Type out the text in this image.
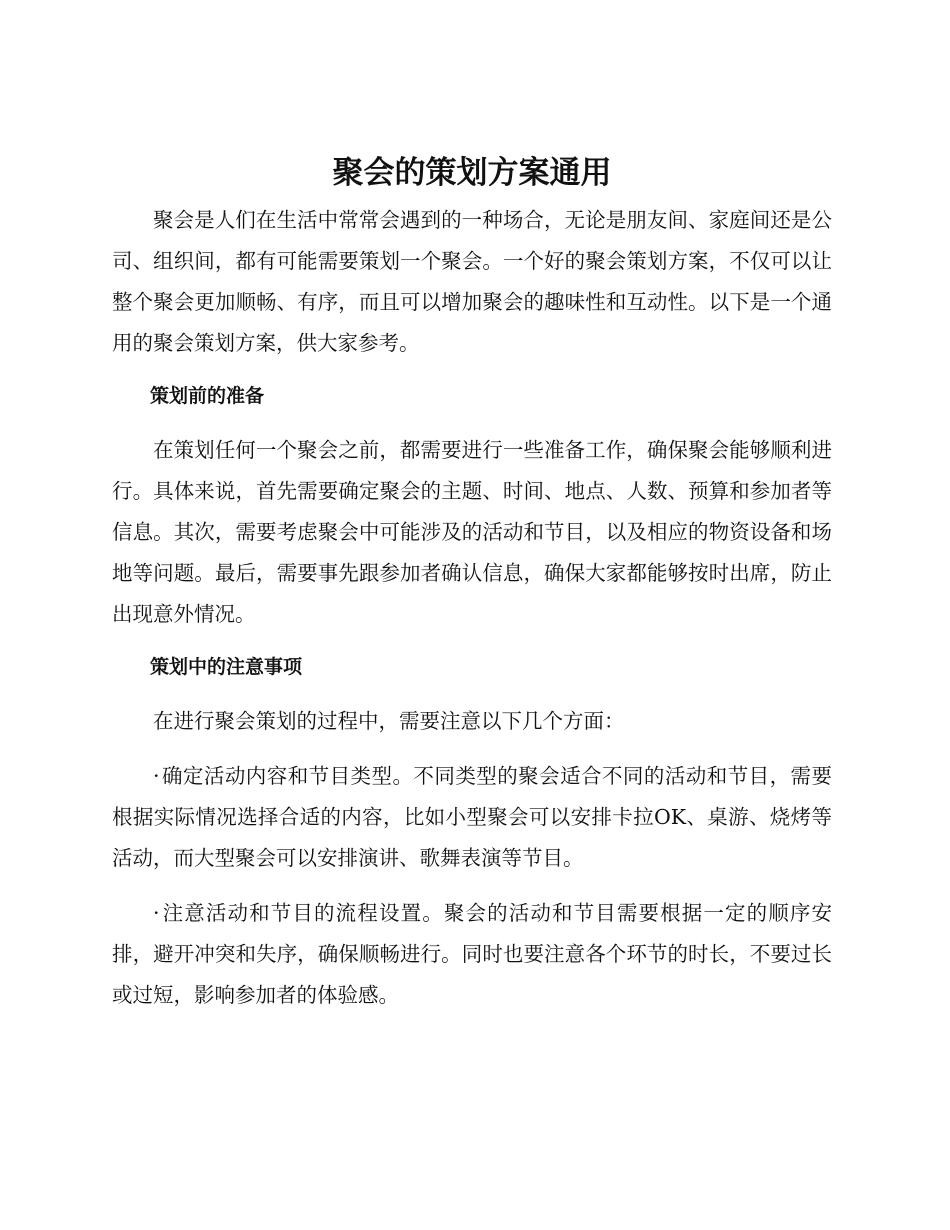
聚会的策划方案通用

聚会是人们在生活中常常会遇到的一种场合，无论是朋友间、家庭间还是公司、组织间，都有可能需要策划一个聚会。一个好的聚会策划方案，不仅可以让整个聚会更加顺畅、有序，而且可以增加聚会的趣味性和互动性。以下是一个通用的聚会策划方案，供大家参考。

策划前的准备

在策划任何一个聚会之前，都需要进行一些准备工作，确保聚会能够顺利进行。具体来说，首先需要确定聚会的主题、时间、地点、人数、预算和参加者等信息。其次，需要考虑聚会中可能涉及的活动和节目，以及相应的物资设备和场地等问题。最后，需要事先跟参加者确认信息，确保大家都能够按时出席，防止出现意外情况。

策划中的注意事项

在进行聚会策划的过程中，需要注意以下几个方面：

·确定活动内容和节目类型。不同类型的聚会适合不同的活动和节目，需要根据实际情况选择合适的内容，比如小型聚会可以安排卡拉OK、桌游、烧烤等活动，而大型聚会可以安排演讲、歌舞表演等节目。

·注意活动和节目的流程设置。聚会的活动和节目需要根据一定的顺序安排，避开冲突和失序，确保顺畅进行。同时也要注意各个环节的时长，不要过长或过短，影响参加者的体验感。
